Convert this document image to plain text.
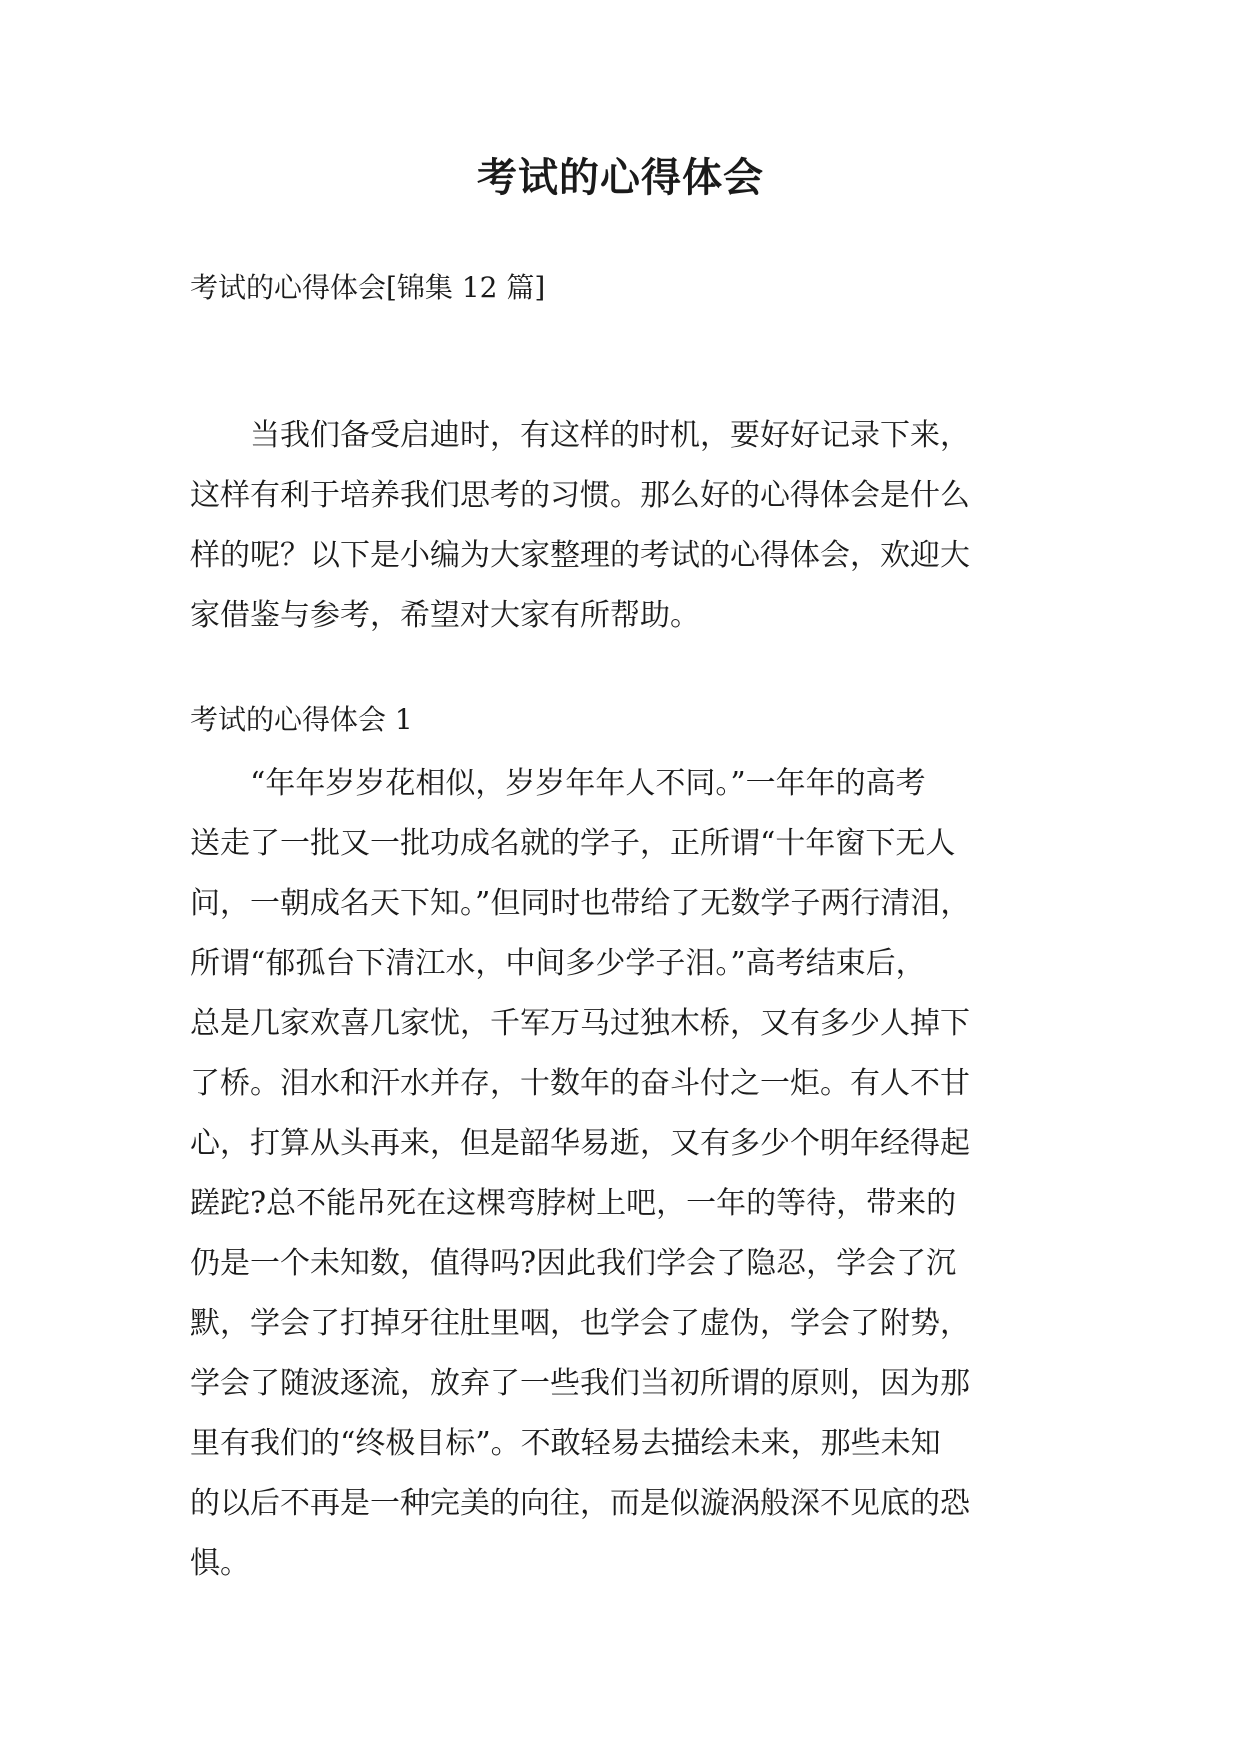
考试的心得体会

考试的心得体会[锦集 12 篇]

　　当我们备受启迪时，有这样的时机，要好好记录下来，
这样有利于培养我们思考的习惯。那么好的心得体会是什么
样的呢？以下是小编为大家整理的考试的心得体会，欢迎大
家借鉴与参考，希望对大家有所帮助。

考试的心得体会 1

　　“年年岁岁花相似，岁岁年年人不同。”一年年的高考
送走了一批又一批功成名就的学子，正所谓“十年窗下无人
问，一朝成名天下知。”但同时也带给了无数学子两行清泪，
所谓“郁孤台下清江水，中间多少学子泪。”高考结束后，
总是几家欢喜几家忧，千军万马过独木桥，又有多少人掉下
了桥。泪水和汗水并存，十数年的奋斗付之一炬。有人不甘
心，打算从头再来，但是韶华易逝，又有多少个明年经得起
蹉跎?总不能吊死在这棵弯脖树上吧，一年的等待，带来的
仍是一个未知数，值得吗?因此我们学会了隐忍，学会了沉
默，学会了打掉牙往肚里咽，也学会了虚伪，学会了附势，
学会了随波逐流，放弃了一些我们当初所谓的原则，因为那
里有我们的“终极目标”。不敢轻易去描绘未来，那些未知
的以后不再是一种完美的向往，而是似漩涡般深不见底的恐
惧。
